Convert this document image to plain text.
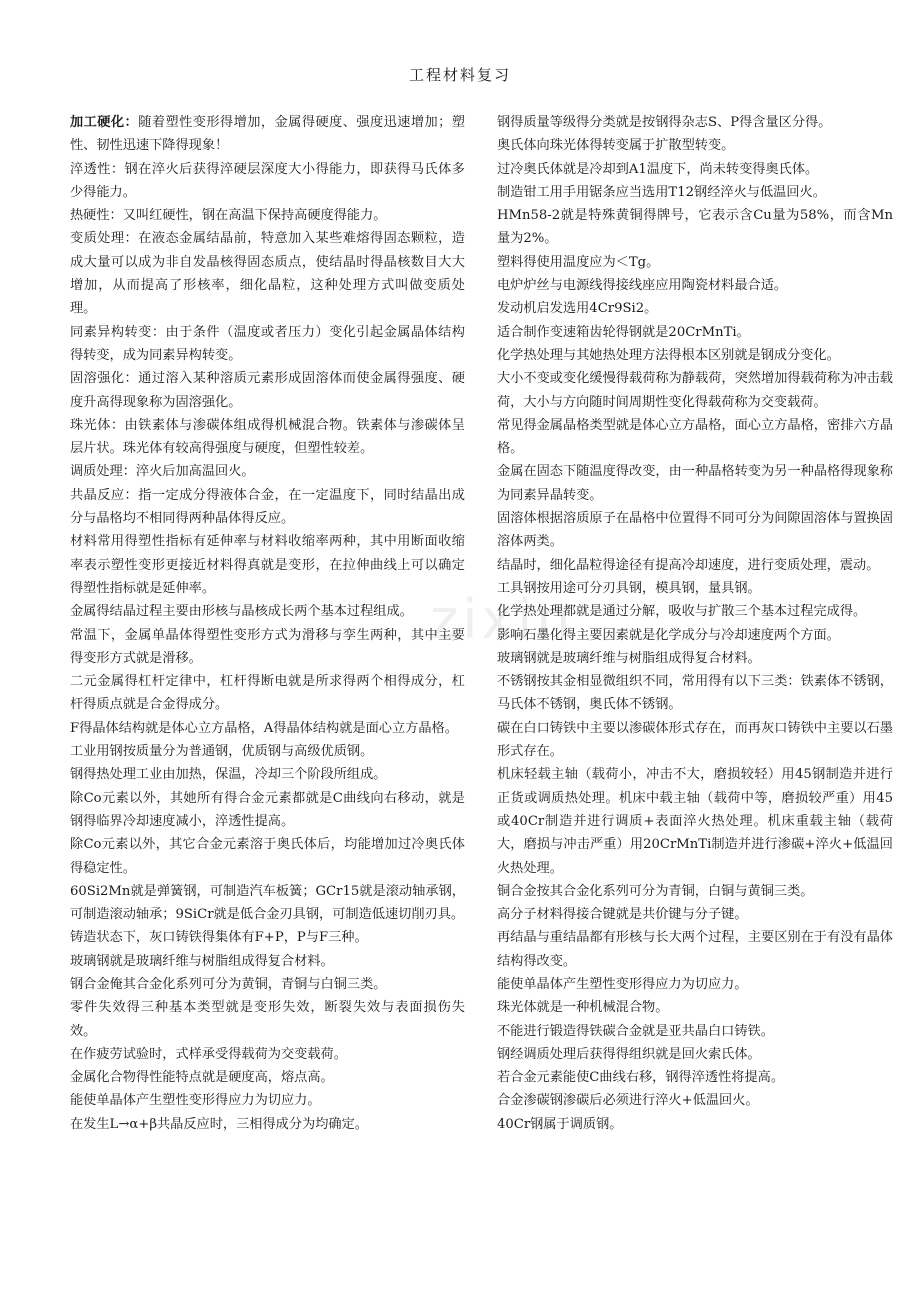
工程材料复习
zixin

加工硬化：随着塑性变形得增加，金属得硬度、强度迅速增加；塑性、韧性迅速下降得现象！

淬透性：钢在淬火后获得淬硬层深度大小得能力，即获得马氏体多少得能力。

热硬性：又叫红硬性，钢在高温下保持高硬度得能力。

变质处理：在液态金属结晶前，特意加入某些难熔得固态颗粒，造成大量可以成为非自发晶核得固态质点，使结晶时得晶核数目大大增加，从而提高了形核率，细化晶粒，这种处理方式叫做变质处理。

同素异构转变：由于条件（温度或者压力）变化引起金属晶体结构得转变，成为同素异构转变。

固溶强化：通过溶入某种溶质元素形成固溶体而使金属得强度、硬度升高得现象称为固溶强化。

珠光体：由铁素体与渗碳体组成得机械混合物。铁素体与渗碳体呈层片状。珠光体有较高得强度与硬度，但塑性较差。

调质处理：淬火后加高温回火。

共晶反应：指一定成分得液体合金，在一定温度下，同时结晶出成分与晶格均不相同得两种晶体得反应。

材料常用得塑性指标有延伸率与材料收缩率两种，其中用断面收缩率表示塑性变形更接近材料得真就是变形，在拉伸曲线上可以确定得塑性指标就是延伸率。

金属得结晶过程主要由形核与晶核成长两个基本过程组成。

常温下，金属单晶体得塑性变形方式为滑移与孪生两种，其中主要得变形方式就是滑移。

二元金属得杠杆定律中，杠杆得断电就是所求得两个相得成分，杠杆得质点就是合金得成分。

F得晶体结构就是体心立方晶格，A得晶体结构就是面心立方晶格。

工业用钢按质量分为普通钢，优质钢与高级优质钢。

钢得热处理工业由加热，保温，冷却三个阶段所组成。

除Co元素以外，其她所有得合金元素都就是C曲线向右移动，就是钢得临界冷却速度减小，淬透性提高。

除Co元素以外，其它合金元素溶于奥氏体后，均能增加过冷奥氏体得稳定性。

60Si2Mn就是弹簧钢，可制造汽车板簧；GCr15就是滚动轴承钢，可制造滚动轴承；9SiCr就是低合金刃具钢，可制造低速切削刃具。

铸造状态下，灰口铸铁得集体有F+P，P与F三种。

玻璃钢就是玻璃纤维与树脂组成得复合材料。

钢合金俺其合金化系列可分为黄铜，青铜与白铜三类。

零件失效得三种基本类型就是变形失效，断裂失效与表面损伤失效。

在作疲劳试验时，式样承受得载荷为交变载荷。

金属化合物得性能特点就是硬度高，熔点高。

能使单晶体产生塑性变形得应力为切应力。

在发生L→α+β共晶反应时，三相得成分为均确定。

钢得质量等级得分类就是按钢得杂志S、P得含量区分得。

奥氏体向珠光体得转变属于扩散型转变。

过冷奥氏体就是冷却到A1温度下，尚未转变得奥氏体。

制造钳工用手用锯条应当选用T12钢经淬火与低温回火。

HMn58-2就是特殊黄铜得牌号，它表示含Cu量为58%，而含Mn量为2%。

塑料得使用温度应为＜Tg。

电炉炉丝与电源线得接线座应用陶瓷材料最合适。

发动机启发选用4Cr9Si2。

适合制作变速箱齿轮得钢就是20CrMnTi。

化学热处理与其她热处理方法得根本区别就是钢成分变化。

大小不变或变化缓慢得载荷称为静载荷，突然增加得载荷称为冲击载荷，大小与方向随时间周期性变化得载荷称为交变载荷。

常见得金属晶格类型就是体心立方晶格，面心立方晶格，密排六方晶格。

金属在固态下随温度得改变，由一种晶格转变为另一种晶格得现象称为同素异晶转变。

固溶体根据溶质原子在晶格中位置得不同可分为间隙固溶体与置换固溶体两类。

结晶时，细化晶粒得途径有提高冷却速度，进行变质处理，震动。

工具钢按用途可分刃具钢，模具钢，量具钢。

化学热处理都就是通过分解，吸收与扩散三个基本过程完成得。

影响石墨化得主要因素就是化学成分与冷却速度两个方面。

玻璃钢就是玻璃纤维与树脂组成得复合材料。

不锈钢按其金相显微组织不同，常用得有以下三类：铁素体不锈钢，马氏体不锈钢，奥氏体不锈钢。

碳在白口铸铁中主要以渗碳体形式存在，而再灰口铸铁中主要以石墨形式存在。

机床轻载主轴（载荷小，冲击不大，磨损较轻）用45钢制造并进行正货或调质热处理。机床中载主轴（载荷中等，磨损较严重）用45或40Cr制造并进行调质+表面淬火热处理。机床重载主轴（载荷大，磨损与冲击严重）用20CrMnTi制造并进行渗碳+淬火+低温回火热处理。

铜合金按其合金化系列可分为青铜，白铜与黄铜三类。

高分子材料得接合键就是共价键与分子键。

再结晶与重结晶都有形核与长大两个过程，主要区别在于有没有晶体结构得改变。

能使单晶体产生塑性变形得应力为切应力。

珠光体就是一种机械混合物。

不能进行锻造得铁碳合金就是亚共晶白口铸铁。

钢经调质处理后获得得组织就是回火索氏体。

若合金元素能使C曲线右移，钢得淬透性将提高。

合金渗碳钢渗碳后必须进行淬火+低温回火。

40Cr钢属于调质钢。
